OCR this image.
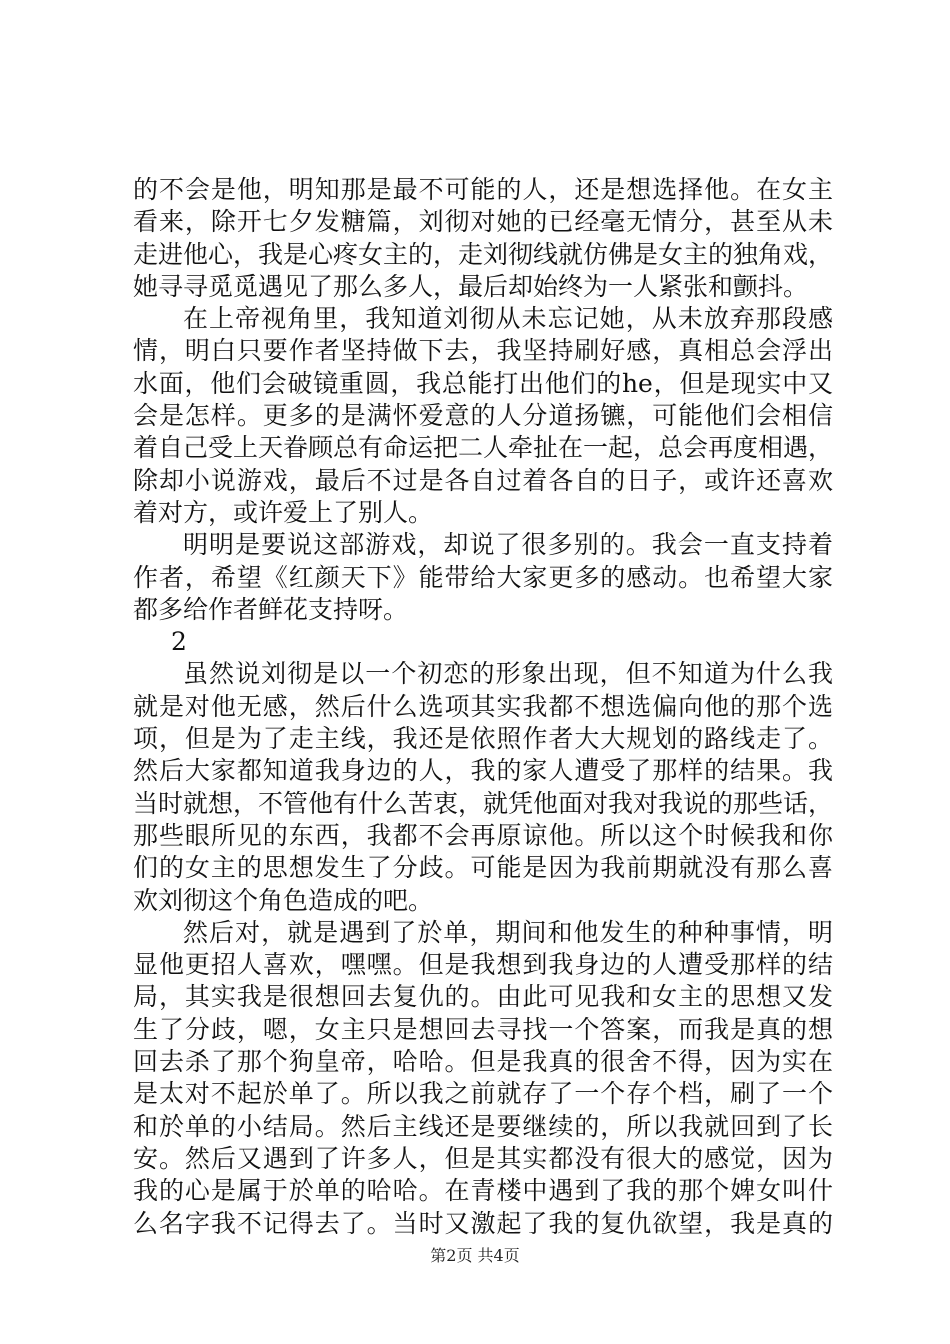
的不会是他，明知那是最不可能的人，还是想选择他。在女主
看来，除开七夕发糖篇，刘彻对她的已经毫无情分，甚至从未
走进他心，我是心疼女主的，走刘彻线就仿佛是女主的独角戏，
她寻寻觅觅遇见了那么多人，最后却始终为一人紧张和颤抖。
在上帝视角里，我知道刘彻从未忘记她，从未放弃那段感
情，明白只要作者坚持做下去，我坚持刷好感，真相总会浮出
水面，他们会破镜重圆，我总能打出他们的he，但是现实中又
会是怎样。更多的是满怀爱意的人分道扬镳，可能他们会相信
着自己受上天眷顾总有命运把二人牵扯在一起，总会再度相遇，
除却小说游戏，最后不过是各自过着各自的日子，或许还喜欢
着对方，或许爱上了别人。
明明是要说这部游戏，却说了很多别的。我会一直支持着
作者，希望《红颜天下》能带给大家更多的感动。也希望大家
都多给作者鲜花支持呀。
2
虽然说刘彻是以一个初恋的形象出现，但不知道为什么我
就是对他无感，然后什么选项其实我都不想选偏向他的那个选
项，但是为了走主线，我还是依照作者大大规划的路线走了。
然后大家都知道我身边的人，我的家人遭受了那样的结果。我
当时就想，不管他有什么苦衷，就凭他面对我对我说的那些话，
那些眼所见的东西，我都不会再原谅他。所以这个时候我和你
们的女主的思想发生了分歧。可能是因为我前期就没有那么喜
欢刘彻这个角色造成的吧。
然后对，就是遇到了於单，期间和他发生的种种事情，明
显他更招人喜欢，嘿嘿。但是我想到我身边的人遭受那样的结
局，其实我是很想回去复仇的。由此可见我和女主的思想又发
生了分歧，嗯，女主只是想回去寻找一个答案，而我是真的想
回去杀了那个狗皇帝，哈哈。但是我真的很舍不得，因为实在
是太对不起於单了。所以我之前就存了一个存个档，刷了一个
和於单的小结局。然后主线还是要继续的，所以我就回到了长
安。然后又遇到了许多人，但是其实都没有很大的感觉，因为
我的心是属于於单的哈哈。在青楼中遇到了我的那个婢女叫什
么名字我不记得去了。当时又激起了我的复仇欲望，我是真的
第2页 共4页
